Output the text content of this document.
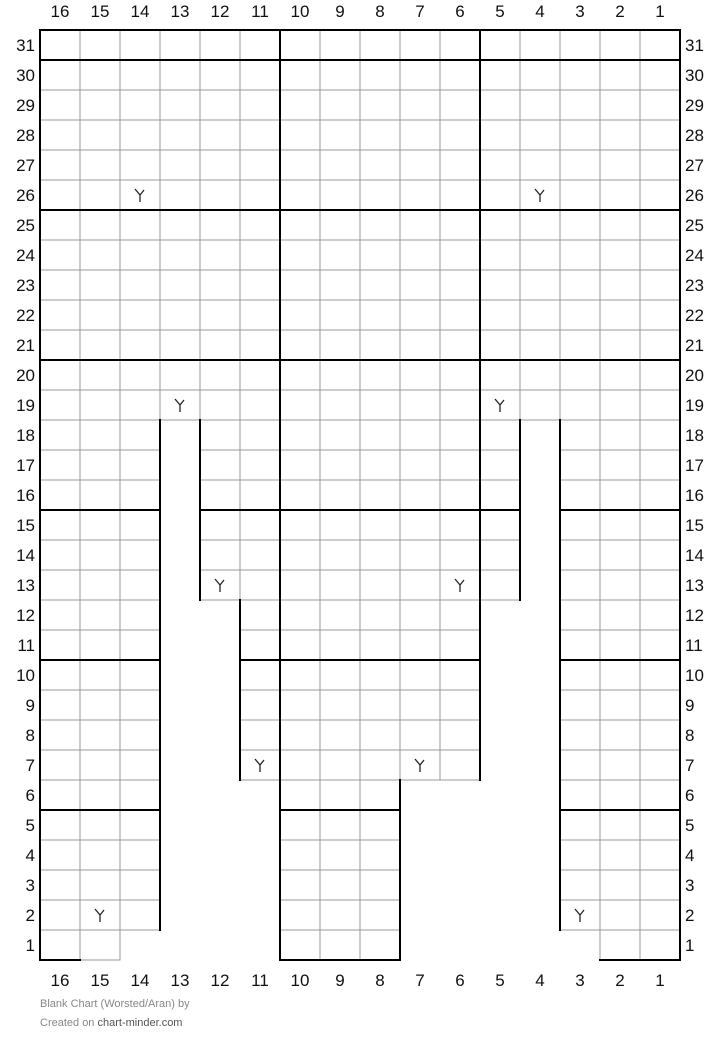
16
16
15
15
14
14
13
13
12
12
11
11
10
10
9
9
8
8
7
7
6
6
5
5
4
4
3
3
2
2
1
1
1	1
2	2
3	3
4	4
5	5
6	6
7	7
8	8
9	9
10	10
11	11
12	12
13	13
14	14
15	15
16	16
17	17
18	18
19	19
20	20
21	21
22	22
23	23
24	24
25	25
26	26
27	27
28	28
29	29
30	30
31	31
Blank Chart (Worsted/Aran) by
Created on chart-minder.com
